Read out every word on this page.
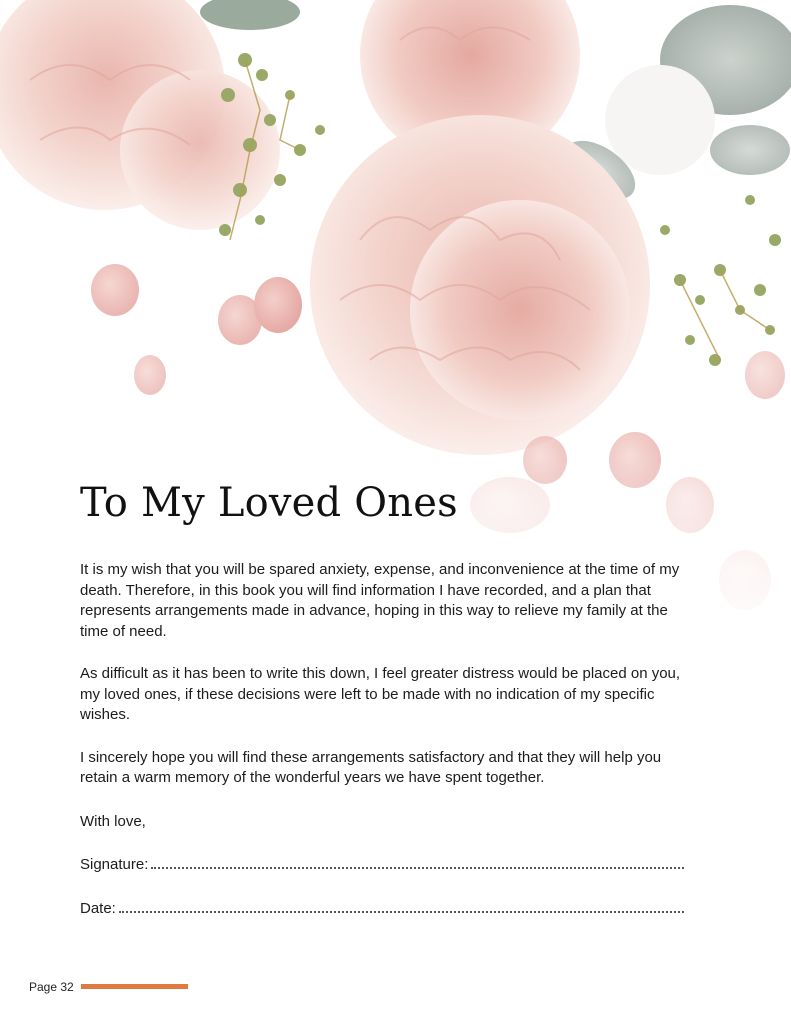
To My Loved Ones

It is my wish that you will be spared anxiety, expense, and inconvenience at the time of my death. Therefore, in this book you will find information I have recorded, and a plan that represents arrangements made in advance, hoping in this way to relieve my family at the time of need.

As difficult as it has been to write this down, I feel greater distress would be placed on you, my loved ones, if these decisions were left to be made with no indication of my specific wishes.

I sincerely hope you will find these arrangements satisfactory and that they will help you retain a warm memory of the wonderful years we have spent together.

With love,
Signature:
Date:
Page 32
